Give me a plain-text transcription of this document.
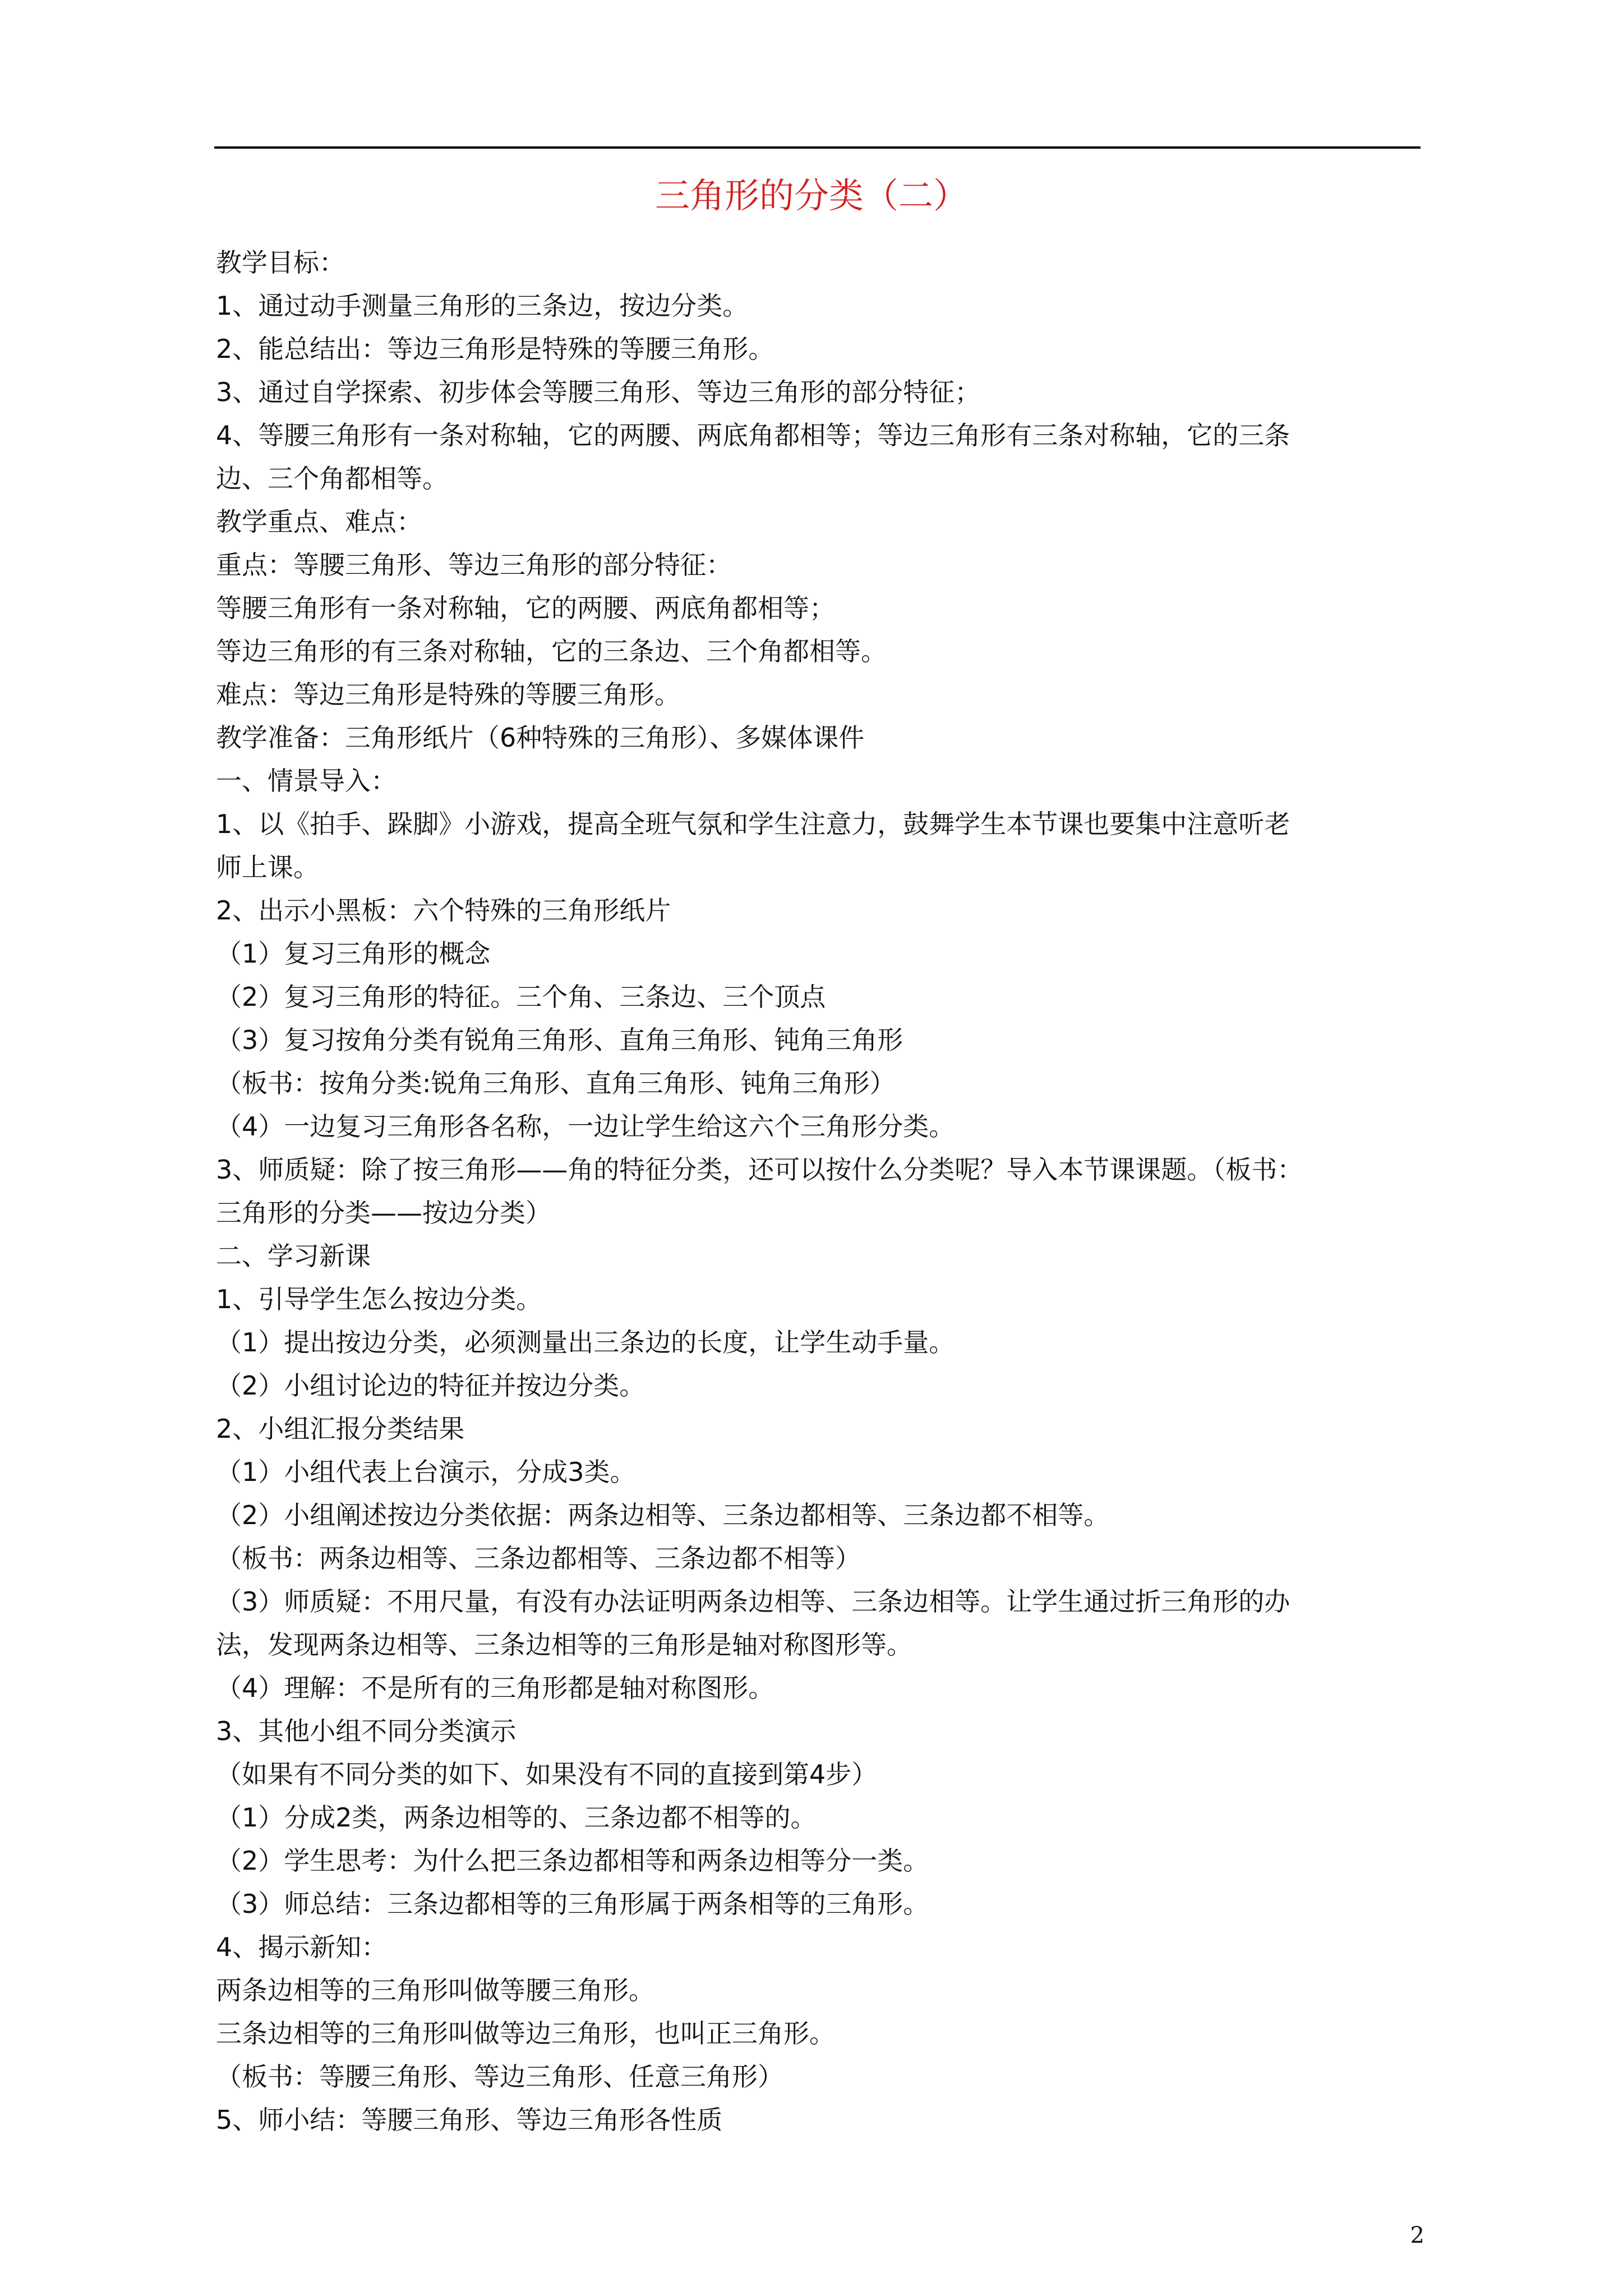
三角形的分类（二）
教学目标：
1、通过动手测量三角形的三条边，按边分类。
2、能总结出：等边三角形是特殊的等腰三角形。
3、通过自学探索、初步体会等腰三角形、等边三角形的部分特征；
4、等腰三角形有一条对称轴，它的两腰、两底角都相等；等边三角形有三条对称轴，它的三条
边、三个角都相等。
教学重点、难点：
重点：等腰三角形、等边三角形的部分特征：
等腰三角形有一条对称轴，它的两腰、两底角都相等；
等边三角形的有三条对称轴，它的三条边、三个角都相等。
难点：等边三角形是特殊的等腰三角形。
教学准备：三角形纸片（6种特殊的三角形）、多媒体课件
一、情景导入：
1、以《拍手、跺脚》小游戏，提高全班气氛和学生注意力，鼓舞学生本节课也要集中注意听老
师上课。
2、出示小黑板：六个特殊的三角形纸片
（1）复习三角形的概念
（2）复习三角形的特征。三个角、三条边、三个顶点
（3）复习按角分类有锐角三角形、直角三角形、钝角三角形
（板书：按角分类:锐角三角形、直角三角形、钝角三角形）
（4）一边复习三角形各名称，一边让学生给这六个三角形分类。
3、师质疑：除了按三角形——角的特征分类，还可以按什么分类呢？导入本节课课题。（板书：
三角形的分类——按边分类）
二、学习新课
1、引导学生怎么按边分类。
（1）提出按边分类，必须测量出三条边的长度，让学生动手量。
（2）小组讨论边的特征并按边分类。
2、小组汇报分类结果
（1）小组代表上台演示，分成3类。
（2）小组阐述按边分类依据：两条边相等、三条边都相等、三条边都不相等。
（板书：两条边相等、三条边都相等、三条边都不相等）
（3）师质疑：不用尺量，有没有办法证明两条边相等、三条边相等。让学生通过折三角形的办
法，发现两条边相等、三条边相等的三角形是轴对称图形等。
（4）理解：不是所有的三角形都是轴对称图形。
3、其他小组不同分类演示
（如果有不同分类的如下、如果没有不同的直接到第4步）
（1）分成2类，两条边相等的、三条边都不相等的。
（2）学生思考：为什么把三条边都相等和两条边相等分一类。
（3）师总结：三条边都相等的三角形属于两条相等的三角形。
4、揭示新知：
两条边相等的三角形叫做等腰三角形。
三条边相等的三角形叫做等边三角形，也叫正三角形。
（板书：等腰三角形、等边三角形、任意三角形）
5、师小结：等腰三角形、等边三角形各性质
2
